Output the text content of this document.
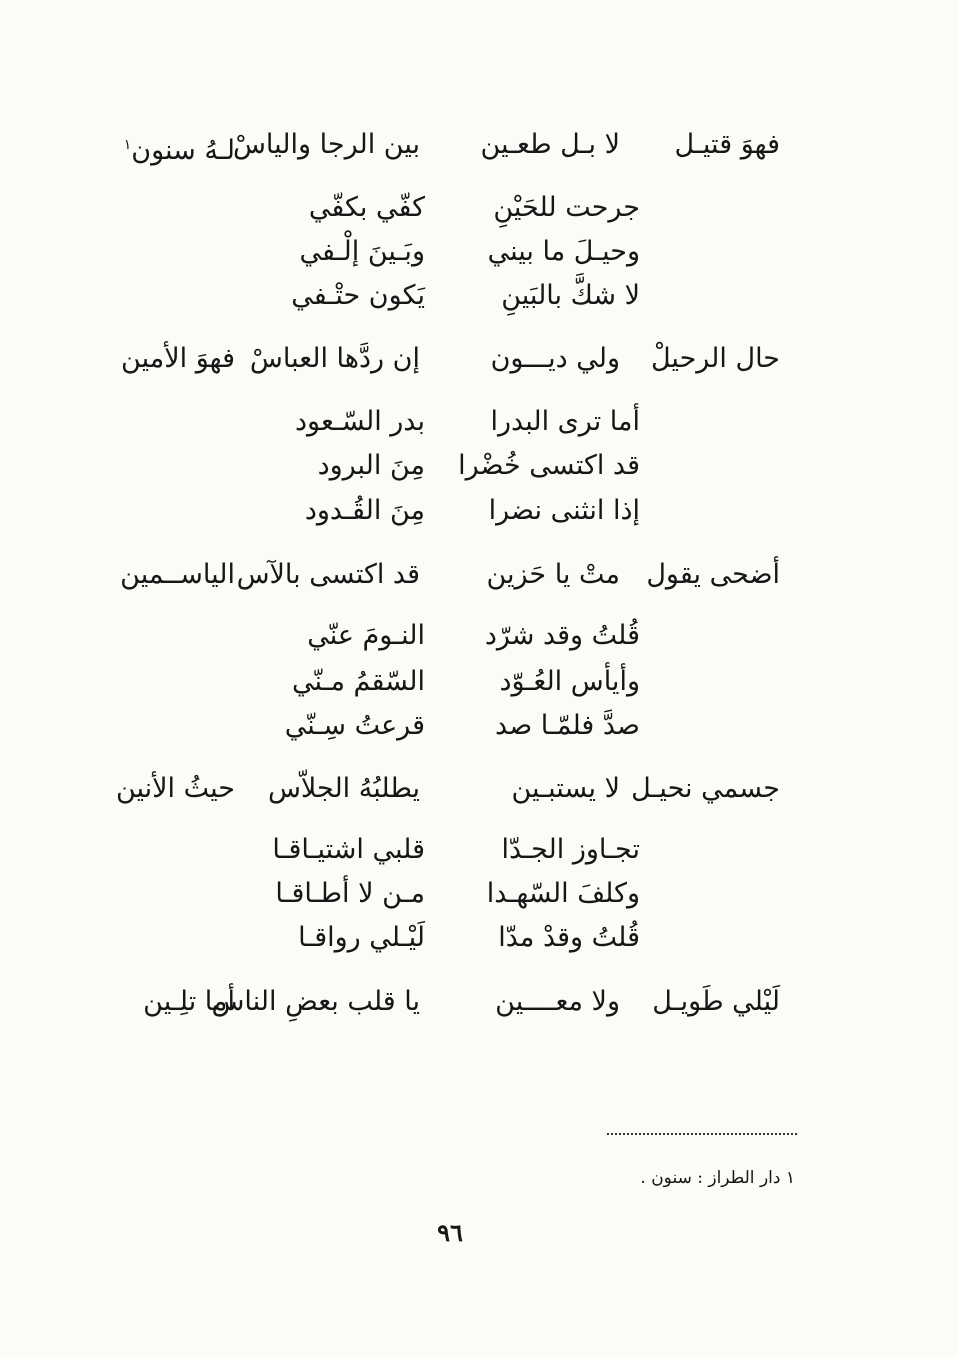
فهوَ قتيـل
لا بـل طعـين
بين الرجا والياسْ
لـهُ سنون$^١$
جرحت للحَيْنِ
كفّي بكفّي
وحيـلَ ما بيني
وبَـينَ إلْـفي
لا شكَّ بالبَينِ
يَكون حتْـفي
حال الرحيلْ
ولي ديـــون
إن ردَّها العباسْ
فهوَ الأمين
أما ترى البدرا
بدر السّـعود
قد اكتسى خُضْرا
مِنَ البرود
إذا انثنى نضرا
مِنَ القُـدود
أضحى يقول
متْ يا حَزين
قد اكتسى بالآس
الياســمين
قُلتُ وقد شرّد
النـومَ عنّي
وأيأس العُـوّد
السّقمُ مـنّي
صدَّ فلمّـا صد
قرعتُ سِـنّي
جسمي نحيـل
لا يستبـين
يطلبُهُ الجلاّس
حيثُ الأنين
تجـاوز الجـدّا
قلبي اشتيـاقـا
وكلفَ السّهـدا
مـن لا أطـاقـا
قُلتُ وقدْ مدّا
لَيْـلي رواقـا
لَيْلي طَويـل
ولا معــــين
يا قلب بعضِ الناس
أما تلِـين
١ دار الطراز : سنون .
٩٦
